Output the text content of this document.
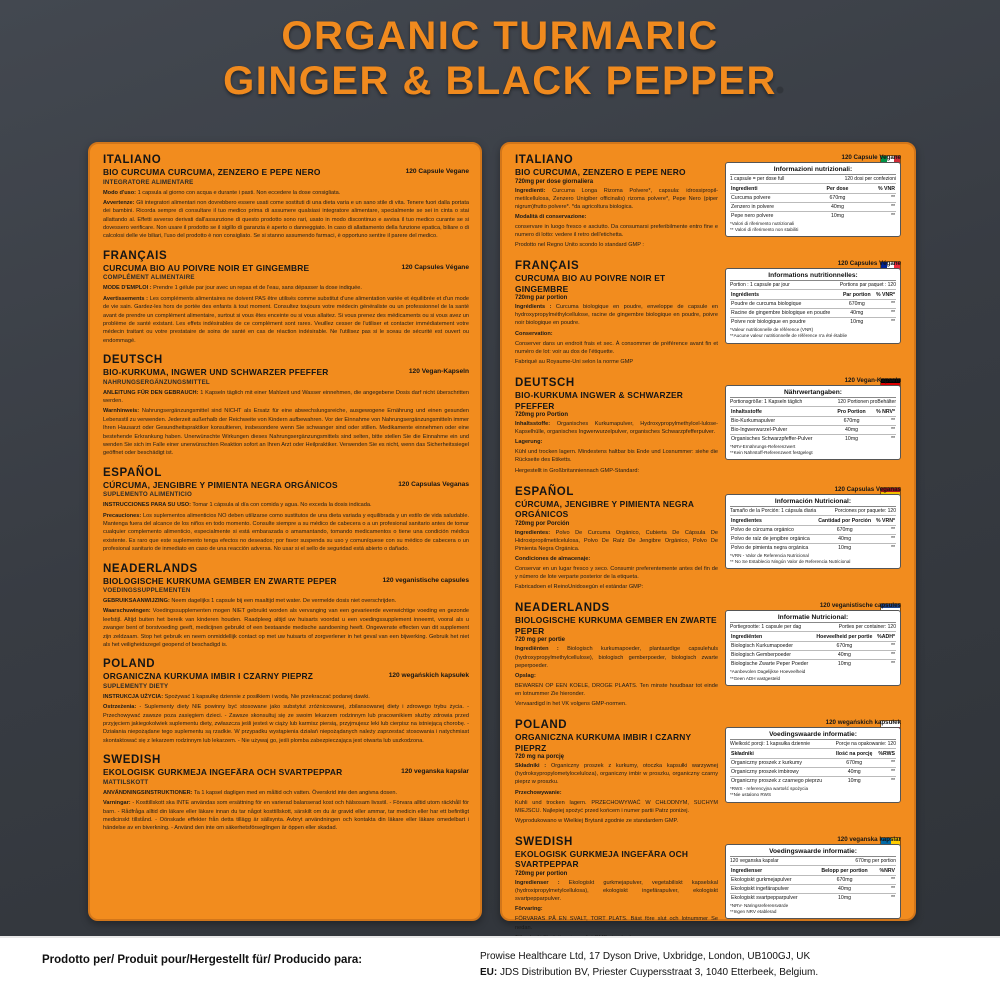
ORGANIC TURMARIC
GINGER & BLACK PEPPER
ITALIANO
BIO CURCUMA CURCUMA, ZENZERO E PEPE NERO
INTEGRATORE ALIMENTARE
120 Capsule Vegane

Modo d'uso: 1 capsula al giorno con acqua e durante i pasti. Non eccedere la dose consigliata.

Avvertenze: Gli integratori alimentari non dovrebbero essere usati come sostituti di una dieta varia e un sano stile di vita. Tenere fuori dalla portata dei bambini. Ricorda sempre di consultare il tuo medico prima di assumere qualsiasi integratore alimentare, specialmente se sei in cinta o stai allattando al. Effetti avverso derivati dall'assunzione di questo prodotto sono rari, usato in modo discontinuo e avvisa il tuo medico curante se si dovessero verificare. Non usare il prodotto se il sigillo di garanzia è aperto o danneggiato. In caso di allattamento della funzione epatica, biliare o di calcolosi delle vie biliari, l'uso del prodotto è non consigliato. Se si stanno assumendo farmaci, è opportuno sentire il parere del medico.

FRANÇAIS
CURCUMA BIO AU POIVRE NOIR ET GINGEMBRE
COMPLÉMENT ALIMENTAIRE
120 Capsules Végane

MODE D'EMPLOI : Prendre 1 gélule par jour avec un repas et de l'eau, sans dépasser la dose indiquée.

Avertissements : Les compléments alimentaires ne doivent PAS être utilisés comme substitut d'une alimentation variée et équilibrée et d'un mode de vie sain. Gardez-les hors de portée des enfants à tout moment. Consultez toujours votre médecin généraliste ou un professionnel de la santé avant de prendre un complément alimentaire, surtout si vous êtes enceinte ou si vous allaitez. Si vous prenez des médicaments ou si vous avez un problème de santé existant. Les effets indésirables de ce complément sont rares. Veuillez cesser de l'utiliser et contacter immédiatement votre médecin traitant ou votre prestataire de soins de santé en cas de réaction indésirable. Ne l'utilisez pas si le sceau de sécurité est ouvert ou endommagé.

DEUTSCH
BIO-KURKUMA, INGWER UND SCHWARZER PFEFFER
NAHRUNGSERGÄNZUNGSMITTEL
120 Vegan-Kapseln

ANLEITUNG FÜR DEN GEBRAUCH: 1 Kapseln täglich mit einer Mahlzeit und Wasser einnehmen, die angegebene Dosis darf nicht überschritten werden.

Warnhinweis: Nahrungsergänzungsmittel sind NICHT als Ersatz für eine abwechslungsreiche, ausgewogene Ernährung und einen gesunden Lebensstil zu verwenden. Jederzeit außerhalb der Reichweite von Kindern aufbewahren. Vor der Einnahme von Nahrungsergänzungsmitteln immer Ihren Hausarzt oder Gesundheitspraktiker konsultieren, insbesondere wenn Sie schwanger sind oder stillen. Medikamente einnehmen oder eine bestehende Erkrankung haben. Unerwünschte Wirkungen dieses Nahrungsergänzungsmittels sind selten, bitte stellen Sie die Einnahme ein und wenden Sie sich im Falle einer unerwünschten Reaktion sofort an Ihren Arzt oder Heilpraktiker. Verwenden Sie es nicht, wenn das Sicherheitssiegel geöffnet oder beschädigt ist.

ESPAÑOL
CÚRCUMA, JENGIBRE Y PIMIENTA NEGRA ORGÁNICOS
SUPLEMENTO ALIMENTICIO
120 Capsulas Veganas

INSTRUCCIONES PARA SU USO: Tomar 1 cápsula al día con comida y agua. No exceda la dosis indicada.

Precauciones: Los suplementos alimenticios NO deben utilizarse como sustitutos de una dieta variada y equilibrada y un estilo de vida saludable. Mantenga fuera del alcance de los niños en todo momento. Consulte siempre a su médico de cabecera o a un profesional sanitario antes de tomar cualquier complemento alimenticio, especialmente si está embarazada o amamantando, tomando medicamentos o tiene una condición médica existente. Es raro que este suplemento tenga efectos no deseados; por favor suspenda su uso y comuníquese con su médico de cabecera o un profesional sanitario de inmediato en caso de una reacción adversa. No usar si el sello de seguridad está abierto o dañado.

NEADERLANDS
BIOLOGISCHE KURKUMA GEMBER EN ZWARTE PEPER
VOEDINGSSUPPLEMENTEN
120 veganistische capsules

GEBRUIKSAANWIJZING: Neem dagelijks 1 capsule bij een maaltijd met water. De vermelde dosis niet overschrijden.

Waarschuwingen: Voedingssupplementen mogen NIET gebruikt worden als vervanging van een gevarieerde evenwichtige voeding en gezonde leefstijl. Altijd buiten het bereik van kinderen houden. Raadpleeg altijd uw huisarts voordat u een voedingssupplement inneemt, vooral als u zwanger bent of borstvoeding geeft, medicijnen gebruikt of een bestaande medische aandoening heeft. Ongewenste effecten van dit supplement zijn zeldzaam. Stop het gebruik en neem onmiddellijk contact op met uw huisarts of zorgverlener in het geval van een bijwerking. Gebruik het niet als het veiligheidszegel geopend of beschadigd is.

POLAND
ORGANICZNA KURKUMA IMBIR I CZARNY PIEPRZ
SUPLEMENTY DIETY
120 wegańskich kapsułek

INSTRUKCJA UŻYCIA: Spożywać 1 kapsułkę dziennie z posiłkiem i wodą. Nie przekraczać podanej dawki.

Ostrzeżenia: - Suplementy diety NIE powinny być stosowane jako substytut zróżnicowanej, zbilansowanej diety i zdrowego trybu życia. - Przechowywać zawsze poza zasięgiem dzieci. - Zawsze skonsultuj się ze swoim lekarzem rodzinnym lub pracownikiem służby zdrowia przed przyjęciem jakiegokolwiek suplementu diety, zwłaszcza jeśli jesteś w ciąży lub karmisz piersią, przyjmujesz leki lub cierpisz na istniejącą chorobę. - Działania niepożądane tego suplementu są rzadkie. W przypadku wystąpienia działań niepożądanych należy zaprzestać stosowania i natychmiast skontaktować się z lekarzem rodzinnym lub lekarzem. - Nie używaj go, jeśli plomba zabezpieczająca jest otwarta lub uszkodzona.

SWEDISH
EKOLOGISK GURKMEJA INGEFÄRA OCH SVARTPEPPAR
MATTILSKOTT
120 veganska kapslar

ANVÄNDNINGSINSTRUKTIONER: Ta 1 kapsel dagligen med en måltid och vatten. Överskrid inte den angivna dosen.

Varningar: - Kosttillskott ska INTE användas som ersättning för en varierad balanserad kost och hälsosam livsstil. - Förvara alltid utom räckhåll för barn. - Rådfråga alltid din läkare eller läkare innan du tar något kosttillskott, särskilt om du är gravid eller ammar, tar medicin eller har ett befintligt medicinskt tillstånd. - Oönskade effekter från detta tillägg är sällsynta. Avbryt användningen och kontakta din läkare eller läkare omedelbart i händelse av en biverkning. - Använd den inte om säkerhetsförseglingen är öppen eller skadad.

ITALIANO
BIO CURCUMA, ZENZERO E PEPE NERO
720mg per dose giornaliera

Ingredienti: Curcuma Longa Rizoma Polvere*, capsula: idrossipropil-metilcellulosa, Zenzero Unigiber officinalis) rizoma polvere*, Pepe Nero (piper nigrum)frutto polvere*. *da agricoltura biologica.

Modalità di conservazione:

conservare in luogo fresco e asciutto. Da consumarsi preferibilmente entro fine e numero di lotto: vedere il retro dell'etichetta.

Prodotto nel Regno Unito scondo lo standard GMP :

120 Capsule Vegane
Informazioni nutrizionali:
1 capsule = per dose full	120 dosi per confezioni
Ingredienti	Per dose	% VNR
Curcuma polvere	670mg	**
Zenzero in polvere	40mg	**
Pepe nero polvere	10mg	**
*Valori di riferimento nutrizionali
** Valori di riferimento non stabiliti
FRANÇAIS
CURCUMA BIO AU POIVRE NOIR ET GINGEMBRE
720mg par portion

Ingrédients : Curcuma biologique en poudre, enveloppe de capsule en hydroxypropylméthylcellulose, racine de gingembre biologique en poudre, poivre noir biologique en poudre.

Conservation:

Conserver dans un endroit frais et sec. À consommer de préférence avant fin et numéro de lot: voir au dos de l'étiquette.

Fabriqué au Royaume-Uni selon la norme GMP

120 Capsules Végane
Informations nutritionnelles:
Portion : 1 capsule par jour	Portions par paquet : 120
Ingrédients	Par portion	% VNR*
Poudre de curcuma biologique	670mg	**
Racine de gingembre biologique en poudre	40mg	**
Poivre noir biologique en poudre	10mg	**
*Valeur nutritionnelle de référence (VNR)
**Aucune valeur nutritionnelle de référence n'a été établie
DEUTSCH
BIO-KURKUMA INGWER & SCHWARZER PFEFFER
720mg pro Portion

Inhaltsstoffe: Organisches Kurkumapulver, Hydroxypropylmethylcel-lulose-Kapselhülle, organisches Ingwerwurzelpulver, organisches Schwarzpfefferpulver.

Lagerung:

Kühl und trocken lagern. Mindestens haltbar bis Ende und Losnummer: siehe die Rückseite des Etiketts.

Hergestellt in Großbritanniennach GMP-Standard:

120 Vegan-Kapseln
Nährwertangaben:
Portionsgröße: 1 Kapseln täglich	120 Portionen proBehälter
Inhaltsstoffe	Pro Portion	% NRV*
Bio-Kurkumapulver	670mg	**
Bio-Ingwerwurzel-Pulver	40mg	**
Organisches Schwarzpfeffer-Pulver	10mg	**
*NRV-Ernährungs-Referenzwert
**Kein Nährstoff-Referenzwert festgelegt
ESPAÑOL
CÚRCUMA, JENGIBRE Y PIMIENTA NEGRA ORGÁNICOS
720mg por Porción

Ingredientes: Polvo De Curcuma Orgánico, Cubierta De Cápsula De Hidroxipropilmetilcelulosa, Polvo De Raíz De Jengibre Orgánico, Polvo De Pimienta Negra Orgánica.

Condiciones de almacenaje:

Conservar en un lugar fresco y seco. Consumir preferentemente antes del fin de y número de lote verparte posterior de la etiqueta.

Fabricadoen el ReinoUnidosegún el estándar GMP:

120 Capsulas Veganas
Información Nutricional:
Tamaño de la Porción: 1 cápsula diaria	Porciones por paquete: 120
Ingredientes	Cantidad por Porción	% VRN*
Polvo de cúrcuma orgánico	670mg	**
Polvo de raíz de jengibre orgánica	40mg	**
Polvo de pimienta negra orgánica	10mg	**
*VRN - Valor de Referencia Nutricional
** No Se Establecio Ningún Valor de Referencia Nutricional
NEADERLANDS
BIOLOGISCHE KURKUMA GEMBER EN ZWARTE PEPER
720 mg per portie

Ingrediënten : Biologisch kurkumapoeder, plantaardige capsulehuls (hydroxypropylmethylcellulose), biologisch gemberpoeder, biologisch zwarte peperpoeder.

Opslag:

BEWAREN OP EEN KOELE, DROGE PLAATS. Ten minste houdbaar tot einde en lotnummer Zie hieronder.

Vervaardigd in het VK volgens GMP-normen.

120 veganistische capsules
Informatie Nutricional:
Portiegrootte: 1 capsule per dag	Porties per container: 120
Ingrediënten	Hoeveelheid per portie	%ADH*
Biologisch Kurkumapoeder	670mg	**
Biologisch Gemberpoeder	40mg	**
Biologische Zwarte Peper Poeder	10mg	**
*Aanbevolen Dagelijkse Hoeveelheid
**Geen ADH vastgesteld
POLAND
ORGANICZNA KURKUMA IMBIR I CZARNY PIEPRZ
720 mg na porcję

Składniki : Organiczny proszek z kurkumy, otoczka kapsułki warzywnej (hydroksypropylometyloceluloza), organiczny imbir w proszku, organiczny czarny pieprz w proszku.

Przechowywanie:

Kuhli und trocken lagern. PRZECHOWYWAĆ W CHŁODNYM, SUCHYM MIEJSCU. Najlepiej spożyć przed końcem i numer partii Patrz poniżej.

Wyprodukowano w Wielkiej Brytanii zgodnie ze standardem GMP.

120 wegańskich kapsułek
Voedingswaarde informatie:
Wielkość porcji: 1 kapsułka dziennie	Porcje na opakowanie: 120
Składniki	Ilość na porcję	%RWS
Organiczny proszek z kurkumy	670mg	**
Organiczny proszek imbirowy	40mg	**
Organiczny proszek z czarnego pieprzu	10mg	**
*RWS - referencyjna wartość spożycia
**Nie ustalono RWS
SWEDISH
EKOLOGISK GURKMEJA INGEFÄRA OCH SVARTPEPPAR
720mg per portion

Ingredienser : Ekologiskt gurkmejapulver, vegetabiliskt kapselskal (hydroxipropylmetylcellulosa), ekologiskt ingefärapulver, ekologiskt svartpepparpulver.

Förvaring:

FÖRVARAS PÅ EN SVALT, TORT PLATS. Bäst före slut och lotnummer Se nedan.

120 veganska kapslar
Voedingswaarde informatie:
120 veganska kapslar	670mg per portion
Ingredienser	Belopp per portion	%NRV
Ekologiskt gurkmejapulver	670mg	**
Ekologiskt ingefärapulver	40mg	**
Ekologiskt svartpepparpulver	10mg	**
*NRV- Näringsreferensvärde
**Ingen NRV etablerad
Prodotto per/ Produit pour/Hergestellt für/ Producido para:	Prowise Healthcare Ltd, 17 Dyson Drive, Uxbridge, London, UB100GJ, UK
EU: JDS Distribution BV, Priester Cuypersstraat 3, 1040 Etterbeek, Belgium.
